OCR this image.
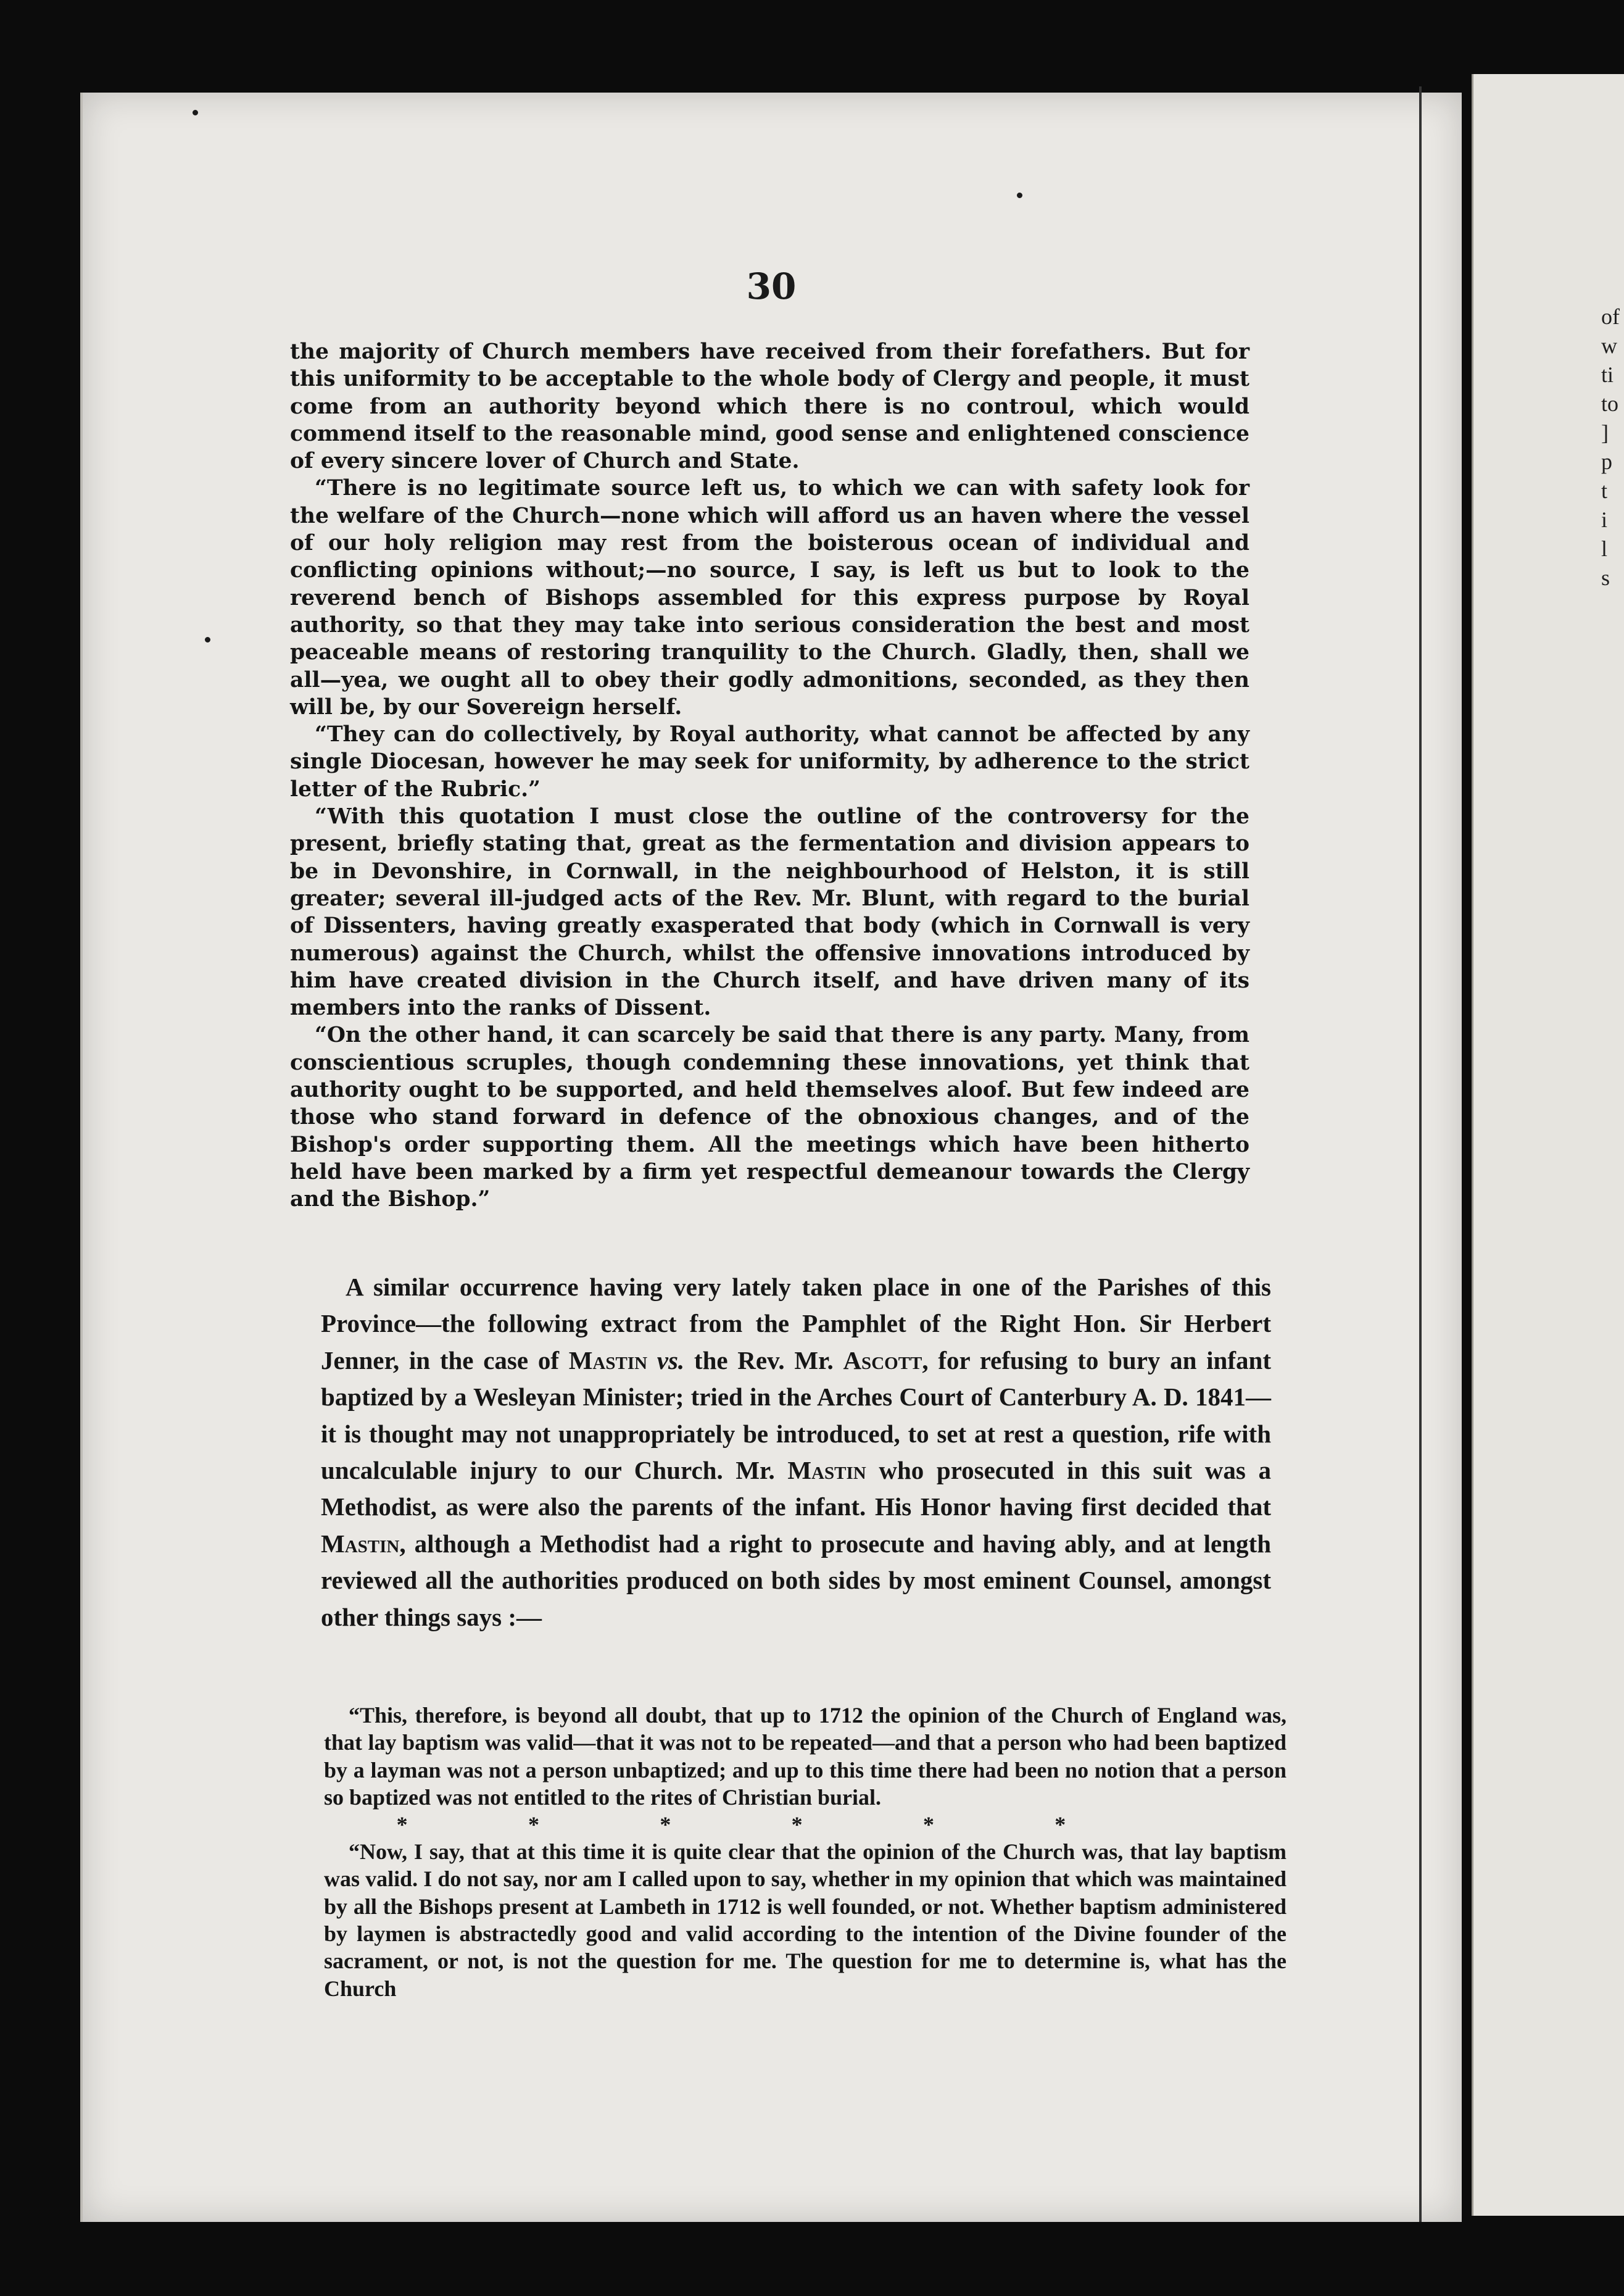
of
w
ti
to
]
p
t
i
l
s
30

the majority of Church members have received from their forefathers. But for this uniformity to be acceptable to the whole body of Clergy and people, it must come from an authority beyond which there is no controul, which would commend itself to the reasonable mind, good sense and enlightened conscience of every sincere lover of Church and State.

“There is no legitimate source left us, to which we can with safety look for the welfare of the Church—none which will afford us an haven where the vessel of our holy religion may rest from the boisterous ocean of individual and conflicting opinions without;—no source, I say, is left us but to look to the reverend bench of Bishops assembled for this express purpose by Royal authority, so that they may take into serious consideration the best and most peaceable means of restoring tranquility to the Church. Gladly, then, shall we all—yea, we ought all to obey their godly admonitions, seconded, as they then will be, by our Sovereign herself.

“They can do collectively, by Royal authority, what cannot be affected by any single Diocesan, however he may seek for uniformity, by adherence to the strict letter of the Rubric.”

“With this quotation I must close the outline of the controversy for the present, briefly stating that, great as the fermentation and division appears to be in Devonshire, in Cornwall, in the neighbourhood of Helston, it is still greater; several ill-judged acts of the Rev. Mr. Blunt, with regard to the burial of Dissenters, having greatly exasperated that body (which in Cornwall is very numerous) against the Church, whilst the offensive innovations introduced by him have created division in the Church itself, and have driven many of its members into the ranks of Dissent.

“On the other hand, it can scarcely be said that there is any party. Many, from conscientious scruples, though condemning these innovations, yet think that authority ought to be supported, and held themselves aloof. But few indeed are those who stand forward in defence of the obnoxious changes, and of the Bishop's order supporting them. All the meetings which have been hitherto held have been marked by a firm yet respectful demeanour towards the Clergy and the Bishop.”

A similar occurrence having very lately taken place in one of the Parishes of this Province—the following extract from the Pamphlet of the Right Hon. Sir Herbert Jenner, in the case of Mastin vs. the Rev. Mr. Ascott, for refusing to bury an infant baptized by a Wesleyan Minister; tried in the Arches Court of Canterbury A. D. 1841—it is thought may not unappropriately be introduced, to set at rest a question, rife with uncalculable injury to our Church. Mr. Mastin who prosecuted in this suit was a Methodist, as were also the parents of the infant. His Honor having first decided that Mastin, although a Methodist had a right to prosecute and having ably, and at length reviewed all the authorities produced on both sides by most eminent Counsel, amongst other things says :—

“This, therefore, is beyond all doubt, that up to 1712 the opinion of the Church of England was, that lay baptism was valid—that it was not to be repeated—and that a person who had been baptized by a layman was not a person unbaptized; and up to this time there had been no notion that a person so baptized was not entitled to the rites of Christian burial.

*	*	*	*	*	*

“Now, I say, that at this time it is quite clear that the opinion of the Church was, that lay baptism was valid. I do not say, nor am I called upon to say, whether in my opinion that which was maintained by all the Bishops present at Lambeth in 1712 is well founded, or not. Whether baptism administered by laymen is abstractedly good and valid according to the intention of the Divine founder of the sacrament, or not, is not the question for me. The question for me to determine is, what has the Church
